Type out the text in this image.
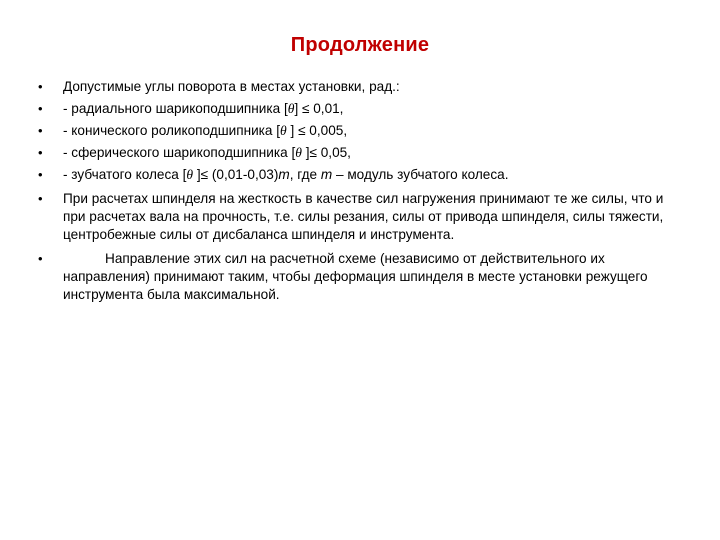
Продолжение
• Допустимые углы поворота в местах установки, рад.:
• - радиального шарикоподшипника [θ] ≤ 0,01,
• - конического роликоподшипника [θ ] ≤ 0,005,
• - сферического шарикоподшипника [θ ]≤ 0,05,
• - зубчатого колеса [θ ]≤ (0,01-0,03)m, где m – модуль зубчатого колеса.
• При расчетах шпинделя на жесткость в качестве сил нагружения принимают те же силы, что и при расчетах вала на прочность, т.е. силы резания, силы от привода шпинделя, силы тяжести, центробежные силы от дисбаланса шпинделя и инструмента.
•	Направление этих сил на расчетной схеме (независимо от действительного их направления) принимают таким, чтобы деформация шпинделя в месте установки режущего инструмента была максимальной.
